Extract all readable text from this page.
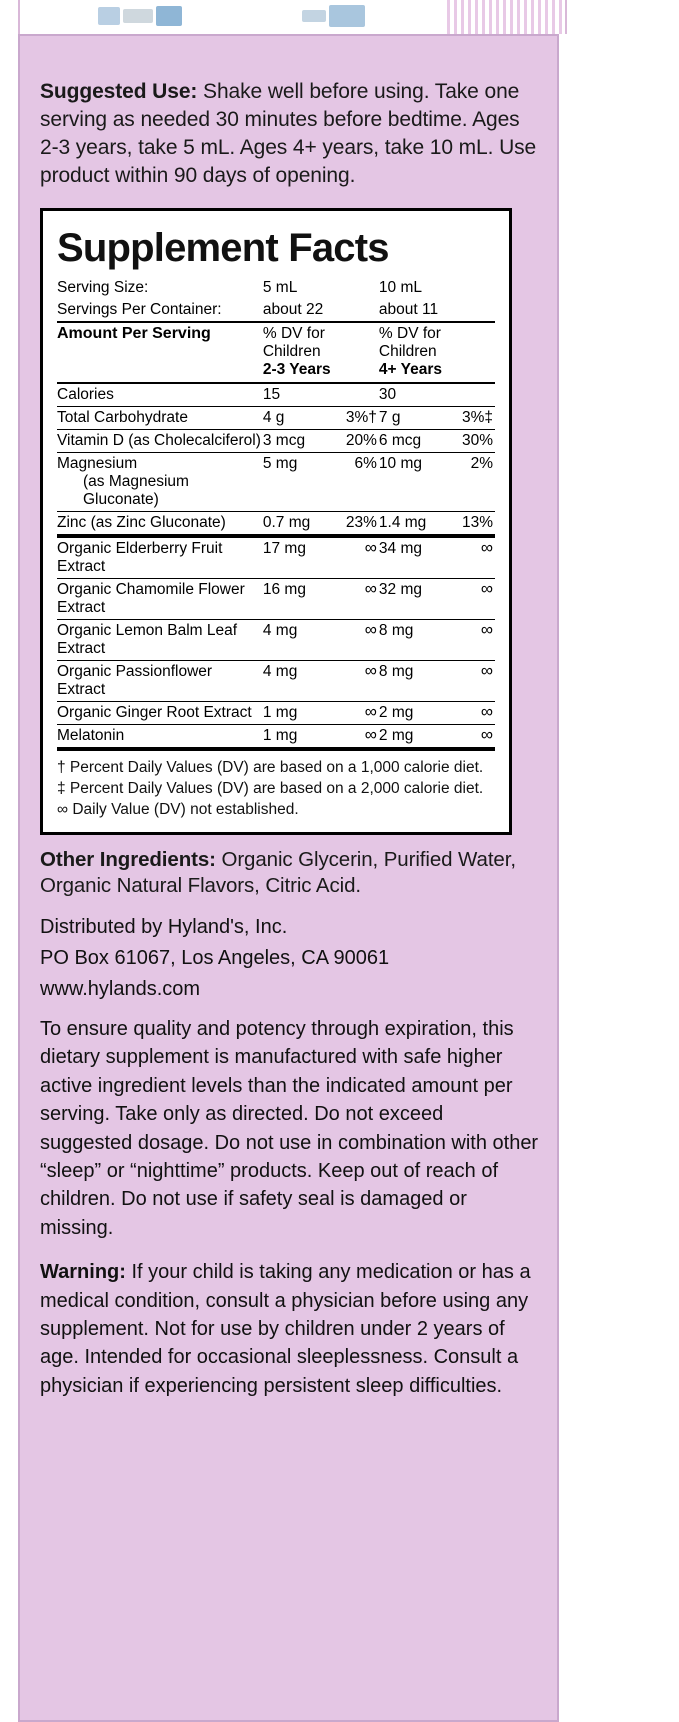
Suggested Use: Shake well before using. Take one serving as needed 30 minutes before bedtime. Ages 2-3 years, take 5 mL. Ages 4+ years, take 10 mL. Use product within 90 days of opening.
Supplement Facts
Serving Size:	5 mL	10 mL
Servings Per Container:	about 22	about 11
Amount Per Serving	% DV for
Children
2-3 Years

% DV for
Children
4+ Years

Calories	15	30

Total Carbohydrate	4 g 3%†	7 g 3%‡

Vitamin D (as Cholecalciferol)	3 mcg 20%	6 mcg 30%

Magnesium
(as Magnesium Gluconate)	5 mg 6%	10 mg 2%

Zinc (as Zinc Gluconate)	0.7 mg 23%	1.4 mg 13%

Organic Elderberry Fruit Extract	17 mg ∞	34 mg ∞

Organic Chamomile Flower Extract	16 mg ∞	32 mg ∞

Organic Lemon Balm Leaf Extract	4 mg ∞	8 mg ∞

Organic Passionflower Extract	4 mg ∞	8 mg ∞

Organic Ginger Root Extract	1 mg ∞	2 mg ∞

Melatonin	1 mg ∞	2 mg ∞
† Percent Daily Values (DV) are based on a 1,000 calorie diet.
‡ Percent Daily Values (DV) are based on a 2,000 calorie diet.
∞ Daily Value (DV) not established.
Other Ingredients: Organic Glycerin, Purified Water, Organic Natural Flavors, Citric Acid.
Distributed by Hyland's, Inc.
PO Box 61067, Los Angeles, CA 90061
www.hylands.com
To ensure quality and potency through expiration, this dietary supplement is manufactured with safe higher active ingredient levels than the indicated amount per serving. Take only as directed. Do not exceed suggested dosage. Do not use in combination with other “sleep” or “nighttime” products. Keep out of reach of children. Do not use if safety seal is damaged or missing.
Warning: If your child is taking any medication or has a medical condition, consult a physician before using any supplement. Not for use by children under 2 years of age. Intended for occasional sleeplessness. Consult a physician if experiencing persistent sleep difficulties.
